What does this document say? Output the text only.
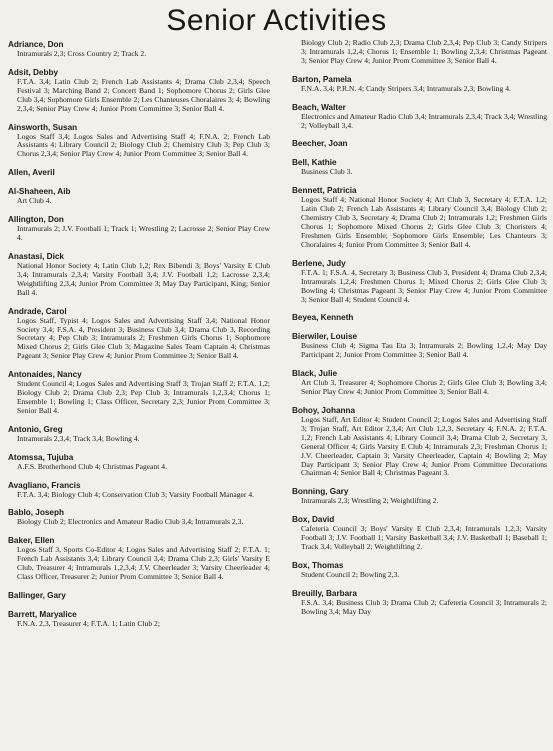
Senior Activities
Adriance, Don
Intramurals 2,3; Cross Country 2; Track 2.
Adsit, Debby
F.T.A. 3,4; Latin Club 2; French Lab Assistants 4; Drama Club 2,3,4; Speech Festival 3; Marching Band 2; Concert Band 1; Sophomore Chorus 2; Girls Glee Club 3,4; Sophomore Girls Ensemble 2; Les Chanteuses Choralaires 3; 4; Bowling 2,3,4; Senior Play Crew 4; Junior Prom Committee 3; Senior Ball 4.
Ainsworth, Susan
Logos Staff 3,4; Logos Sales and Advertising Staff 4; F.N.A. 2; French Lab Assistants 4; Library Council 2; Biology Club 2; Chemistry Club 3; Pep Club 3; Chorus 2,3,4; Senior Play Crew 4; Junior Prom Committee 3; Senior Ball 4.
Allen, Averil
Al-Shaheen, Aib
Art Club 4.
Allington, Don
Intramurals 2; J.V. Football 1; Track 1; Wrestling 2; Lacrosse 2; Senior Play Crew 4.
Anastasi, Dick
National Honor Society 4; Latin Club 1,2; Rex Bibendi 3; Boys' Varsity E Club 3,4; Intramurals 2,3,4; Varsity Football 3,4; J.V. Football 1,2; Lacrosse 2,3,4; Weightlifting 2,3,4; Junior Prom Committee 3; May Day Participant, King; Senior Ball 4.
Andrade, Carol
Logos Staff, Typist 4; Logos Sales and Advertising Staff 3,4; National Honor Society 3,4; F.S.A. 4, President 3; Business Club 3,4; Drama Club 3, Recording Secretary 4; Pep Club 3; Intramurals 2; Freshmen Girls Chorus 1; Sophomore Mixed Chorus 2; Girls Glee Club 3; Magazine Sales Team Captain 4; Christmas Pageant 3; Senior Play Crew 4; Junior Prom Committee 3; Senior Ball 4.
Antonaides, Nancy
Student Council 4; Logos Sales and Advertising Staff 3; Trojan Staff 2; F.T.A. 1,2; Biology Club 2; Drama Club 2,3; Pep Club 3; Intramurals 1,2,3,4; Chorus 1; Ensemble 1; Bowling 1; Class Officer, Secretary 2,3; Junior Prom Committee 3; Senior Ball 4.
Antonio, Greg
Intramurals 2,3,4; Track 3,4; Bowling 4.
Atomssa, Tujuba
A.F.S. Brotherhood Club 4; Christmas Pageant 4.
Avagliano, Francis
F.T.A. 3,4; Biology Club 4; Conservation Club 3; Varsity Football Manager 4.
Bablo, Joseph
Biology Club 2; Electronics and Amateur Radio Club 3,4; Intramurals 2,3.
Baker, Ellen
Logos Staff 3, Sports Co-Editor 4; Logos Sales and Advertising Staff 2; F.T.A. 1; French Lab Assistants 3,4; Library Council 3,4; Drama Club 2,3; Girls' Varsity E Club, Treasurer 4; Intramurals 1,2,3,4; J.V. Cheerleader 3; Varsity Cheerleader 4; Class Officer, Treasurer 2; Junior Prom Committee 3; Senior Ball 4.
Ballinger, Gary
Barrett, Maryalice
F.N.A. 2,3, Treasurer 4; F.T.A. 1; Latin Club 2;
Biology Club 2; Radio Club 2,3; Drama Club 2,3,4; Pep Club 3; Candy Stripers 3; Intramurals 1,2,4; Chorus 1; Ensemble 1; Bowling 2,3,4; Christmas Pageant 3; Senior Play Crew 4; Junior Prom Committee 3; Senior Ball 4.
Barton, Pamela
F.N.A. 3,4; P.R.N. 4; Candy Stripers 3,4; Intramurals 2,3; Bowling 4.
Beach, Walter
Electronics and Amateur Radio Club 3,4; Intramurals 2,3,4; Track 3,4; Wrestling 2; Volleyball 3,4.
Beecher, Joan
Bell, Kathie
Business Club 3.
Bennett, Patricia
Logos Staff 4; National Honor Society 4; Art Club 3, Secretary 4; F.T.A. 1,2; Latin Club 2; French Lab Assistants 4; Library Council 3,4; Biology Club 2; Chemistry Club 3, Secretary 4; Drama Club 2; Intramurals 1,2; Freshmen Girls Chorus 1; Sophomore Mixed Chorus 2; Girls Glee Club 3; Choristers 4; Freshmen Girls Ensemble; Sophomore Girls Ensemble; Les Chanteurs 3; Choralaires 4; Junior Prom Committee 3; Senior Ball 4.
Berlene, Judy
F.T.A. 1; F.S.A. 4, Secretary 3; Business Club 3, President 4; Drama Club 2,3,4; Intramurals 1,2,4; Freshmen Chorus 1; Mixed Chorus 2; Girls Glee Club 3; Bowling 4; Christmas Pageant 3; Senior Play Crew 4; Junior Prom Committee 3; Senior Ball 4; Student Council 4.
Beyea, Kenneth
Bierwiler, Louise
Business Club 4; Sigma Tau Eta 3; Intramurals 2; Bowling 1,2,4; May Day Participant 2; Junior Prom Committee 3; Senior Ball 4.
Black, Julie
Art Club 3, Treasurer 4; Sophomore Chorus 2; Girls Glee Club 3; Bowling 3,4; Senior Play Crew 4; Junior Prom Committee 3; Senior Ball 4.
Bohoy, Johanna
Logos Staff, Art Editor 4; Student Council 2; Logos Sales and Advertising Staff 3; Trojan Staff, Art Editor 2,3,4; Art Club 1,2,3, Secretary 4; F.N.A. 2; F.T.A. 1,2; French Lab Assistants 4; Library Council 3,4; Drama Club 2, Secretary 3, General Officer 4; Girls Varsity E Club 4; Intramurals 2,3; Freshman Chorus 1; J.V. Cheerleader, Captain 3; Varsity Cheerleader, Captain 4; Bowling 2; May Day Participant 3; Senior Play Crew 4; Junior Prom Committee Decorations Chairman 4; Senior Ball 4; Christmas Pageant 3.
Bonning, Gary
Intramurals 2,3; Wrestling 2; Weightlifting 2.
Box, David
Cafeteria Council 3; Boys' Varsity E Club 2,3,4; Intramurals 1,2,3; Varsity Football 3; J.V. Football 1; Varsity Basketball 3,4; J.V. Basketball 1; Baseball 1; Track 3,4; Volleyball 2; Weightlifting 2.
Box, Thomas
Student Council 2; Bowling 2,3.
Breuilly, Barbara
F.S.A. 3,4; Business Club 3; Drama Club 2; Cafeteria Council 3; Intramurals 2; Bowling 3,4; May Day
